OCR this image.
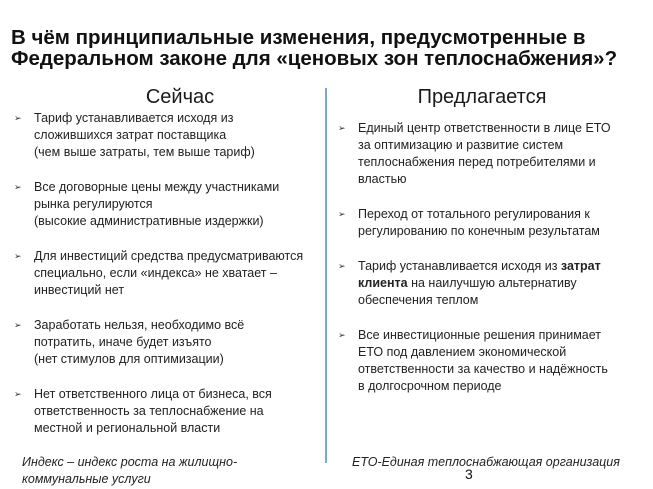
В чём принципиальные изменения, предусмотренные в Федеральном законе для «ценовых зон теплоснабжения»?
Сейчас	Предлагается
➢ Тариф устанавливается исходя из
сложившихся затрат поставщика
(чем выше затраты, тем выше тариф)
➢ Все договорные цены между участниками
рынка регулируются
(высокие административные издержки)
➢ Для инвестиций средства предусматриваются
специально, если «индекса» не хватает –
инвестиций нет
➢ Заработать нельзя, необходимо всё
потратить, иначе будет изъято
(нет стимулов для оптимизации)
➢ Нет ответственного лица от бизнеса, вся
ответственность за теплоснабжение на
местной и региональной власти
➢ Единый центр ответственности в лице ЕТО
за оптимизацию и развитие систем
теплоснабжения перед потребителями и
властью
➢ Переход от тотального регулирования к
регулированию по конечным результатам
➢ Тариф устанавливается исходя из затрат
клиента на наилучшую альтернативу
обеспечения теплом
➢ Все инвестиционные решения принимает
ЕТО под давлением экономической
ответственности за качество и надёжность
в долгосрочном периоде
Индекс – индекс роста на жилищно-коммунальные услуги
ЕТО-Единая теплоснабжающая организация
3
